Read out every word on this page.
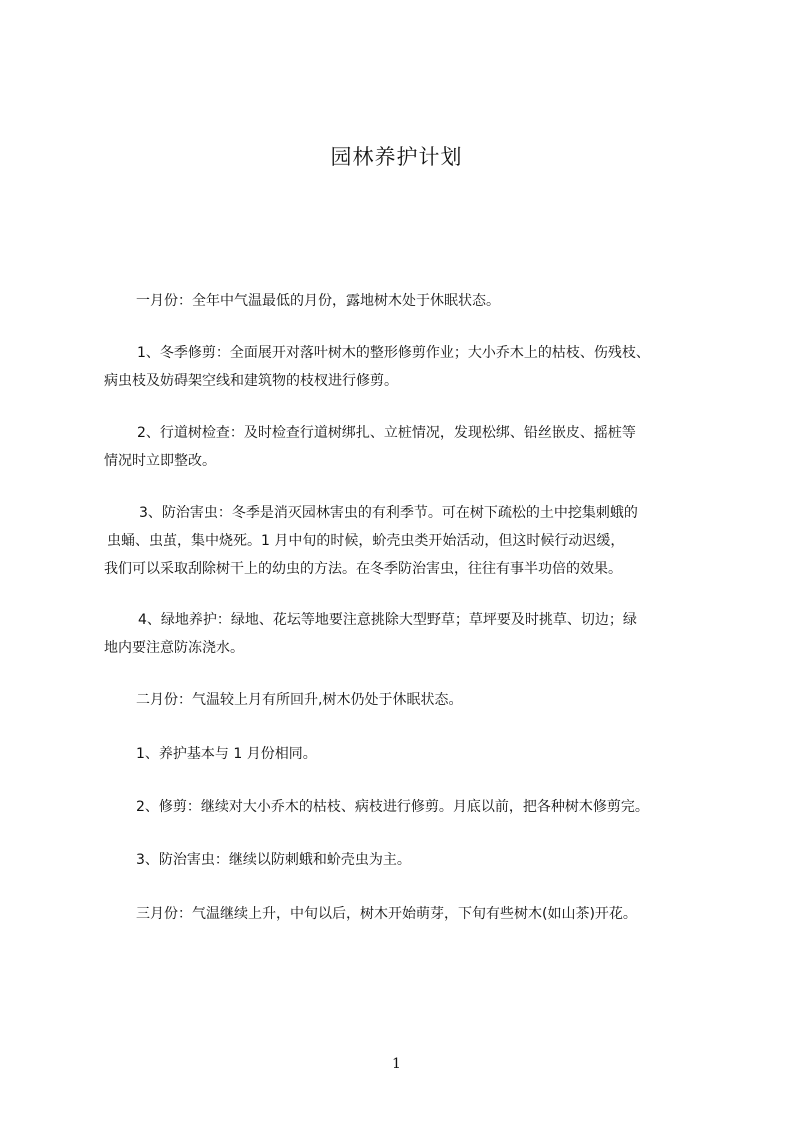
园林养护计划
一月份：全年中气温最低的月份，露地树木处于休眠状态。
1、冬季修剪：全面展开对落叶树木的整形修剪作业；大小乔木上的枯枝、伤残枝、
病虫枝及妨碍架空线和建筑物的枝杈进行修剪。
2、行道树检查：及时检查行道树绑扎、立桩情况，发现松绑、铅丝嵌皮、摇桩等
情况时立即整改。
3、防治害虫：冬季是消灭园林害虫的有利季节。可在树下疏松的土中挖集刺蛾的
虫蛹、虫茧，集中烧死。1 月中旬的时候，蚧壳虫类开始活动，但这时候行动迟缓，
我们可以采取刮除树干上的幼虫的方法。在冬季防治害虫，往往有事半功倍的效果。
4、绿地养护：绿地、花坛等地要注意挑除大型野草；草坪要及时挑草、切边；绿
地内要注意防冻浇水。
二月份：气温较上月有所回升,树木仍处于休眠状态。
1、养护基本与 1 月份相同。
2、修剪：继续对大小乔木的枯枝、病枝进行修剪。月底以前，把各种树木修剪完。
3、防治害虫：继续以防刺蛾和蚧壳虫为主。
三月份：气温继续上升，中旬以后，树木开始萌芽，下旬有些树木(如山茶)开花。
1
